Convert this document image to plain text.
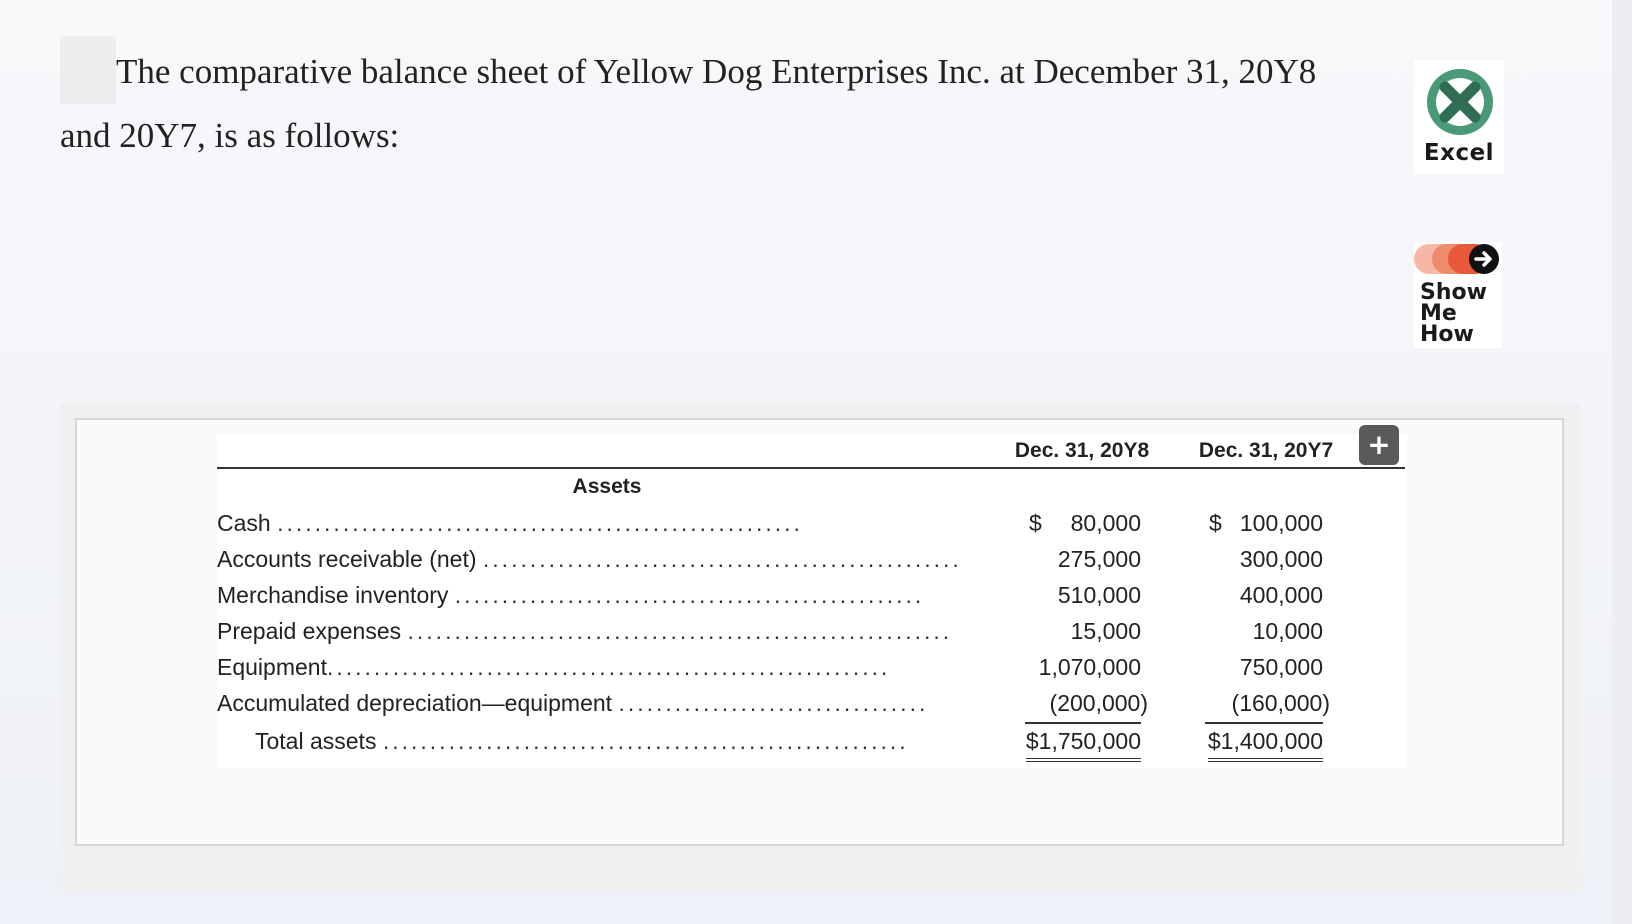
The comparative balance sheet of Yellow Dog Enterprises Inc. at December 31, 20Y8 and 20Y7, is as follows:	Excel
Show
Me
How
Dec. 31, 20Y8	Dec. 31, 20Y7
Assets
Cash ........................................................	$ 80,000	$ 100,000
Accounts receivable (net) ...................................................	275,000	300,000
Merchandise inventory ..................................................	510,000	400,000
Prepaid expenses ..........................................................	15,000	10,000
Equipment............................................................	1,070,000	750,000
Accumulated depreciation—equipment .................................	(200,000)	(160,000)
Total assets ........................................................	$1,750,000	$1,400,000
+
